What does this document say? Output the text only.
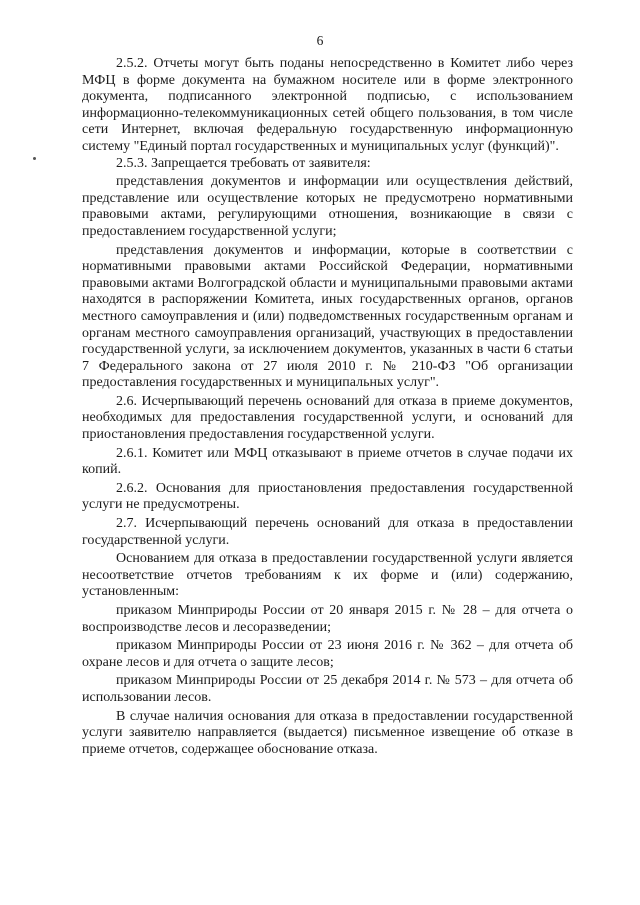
6

2.5.2. Отчеты могут быть поданы непосредственно в Комитет либо через МФЦ в форме документа на бумажном носителе или в форме электронного документа, подписанного электронной подписью, с использованием информационно-телекоммуникационных сетей общего пользования, в том числе сети Интернет, включая федеральную государственную информационную систему "Единый портал государственных и муниципальных услуг (функций)".

2.5.3. Запрещается требовать от заявителя:

представления документов и информации или осуществления действий, представление или осуществление которых не предусмотрено нормативными правовыми актами, регулирующими отношения, возникающие в связи с предоставлением государственной услуги;

представления документов и информации, которые в соответствии с нормативными правовыми актами Российской Федерации, нормативными правовыми актами Волгоградской области и муниципальными правовыми актами находятся в распоряжении Комитета, иных государственных органов, органов местного самоуправления и (или) подведомственных государственным органам и органам местного самоуправления организаций, участвующих в предоставлении государственной услуги, за исключением документов, указанных в части 6 статьи 7 Федерального закона от 27 июля 2010 г. № 210-ФЗ "Об организации предоставления государственных и муниципальных услуг".

2.6. Исчерпывающий перечень оснований для отказа в приеме документов, необходимых для предоставления государственной услуги, и оснований для приостановления предоставления государственной услуги.

2.6.1. Комитет или МФЦ отказывают в приеме отчетов в случае подачи их копий.

2.6.2. Основания для приостановления предоставления государственной услуги не предусмотрены.

2.7. Исчерпывающий перечень оснований для отказа в предоставлении государственной услуги.

Основанием для отказа в предоставлении государственной услуги является несоответствие отчетов требованиям к их форме и (или) содержанию, установленным:

приказом Минприроды России от 20 января 2015 г. № 28 – для отчета о воспроизводстве лесов и лесоразведении;

приказом Минприроды России от 23 июня 2016 г. № 362 – для отчета об охране лесов и для отчета о защите лесов;

приказом Минприроды России от 25 декабря 2014 г. № 573 – для отчета об использовании лесов.

В случае наличия основания для отказа в предоставлении государственной услуги заявителю направляется (выдается) письменное извещение об отказе в приеме отчетов, содержащее обоснование отказа.
